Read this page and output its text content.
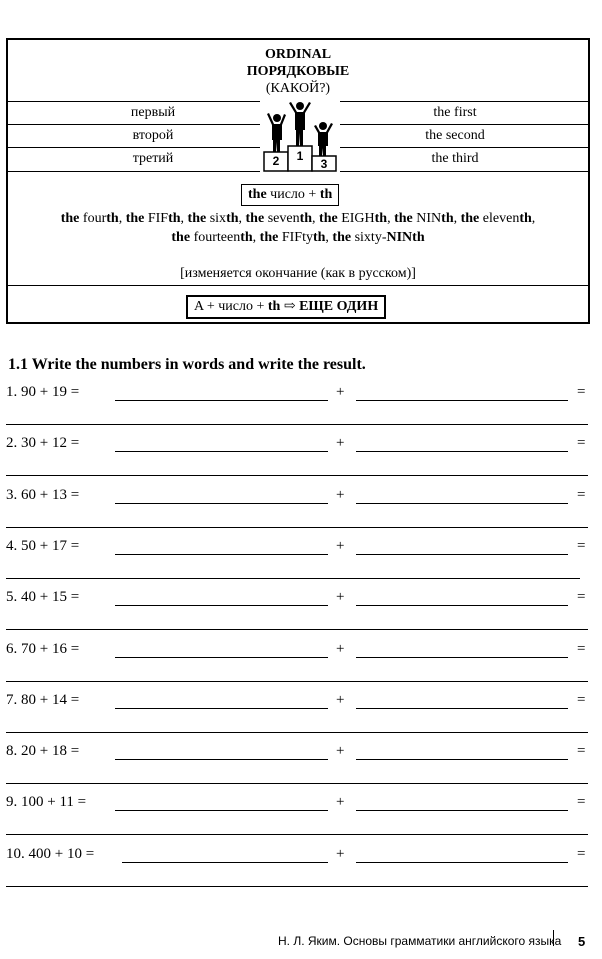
ORDINAL
ПОРЯДКОВЫЕ
(КАКОЙ?)
первый	the first
второй	the second
третий	the third
2	1
3
the число + th
the fourth, the FIFth, the sixth, the seventh, the EIGHth, the NINth, the eleventh,
the fourteenth, the FIFtyth, the sixty-NINth
[изменяется окончание (как в русском)]
A + число + th ⇨ ЕЩЕ ОДИН
1.1 Write the numbers in words and write the result.
1. 90 + 19 =	+	=
2. 30 + 12 =	+	=
3. 60 + 13 =	+	=
4. 50 + 17 =	+	=
5. 40 + 15 =	+	=
6. 70 + 16 =	+	=
7. 80 + 14 =	+	=
8. 20 + 18 =	+	=
9. 100 + 11 =	+	=
10. 400 + 10 =	+	=
Н. Л. Яким. Основы грамматики английского языка 5
